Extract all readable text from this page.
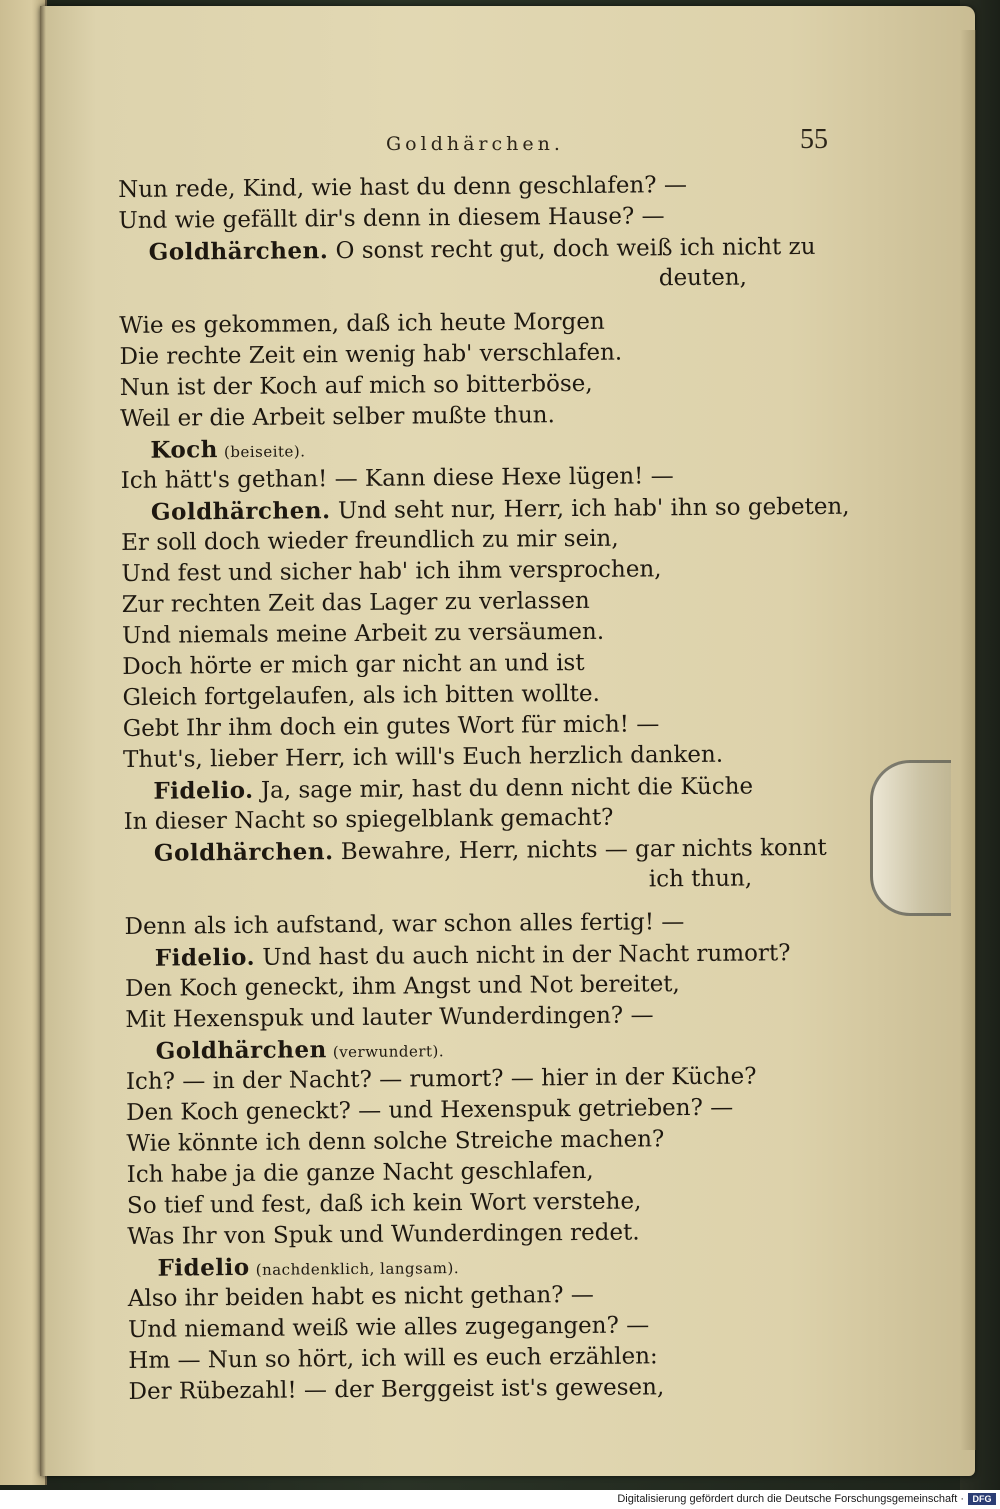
Goldhärchen.	55
Nun rede, Kind, wie hast du denn geschlafen? —
Und wie gefällt dir's denn in diesem Hause? —
Goldhärchen. O sonst recht gut, doch weiß ich nicht zu
deuten,
Wie es gekommen, daß ich heute Morgen
Die rechte Zeit ein wenig hab' verschlafen.
Nun ist der Koch auf mich so bitterböse,
Weil er die Arbeit selber mußte thun.
Koch (beiseite).
Ich hätt's gethan! — Kann diese Hexe lügen! —
Goldhärchen. Und seht nur, Herr, ich hab' ihn so gebeten,
Er soll doch wieder freundlich zu mir sein,
Und fest und sicher hab' ich ihm versprochen,
Zur rechten Zeit das Lager zu verlassen
Und niemals meine Arbeit zu versäumen.
Doch hörte er mich gar nicht an und ist
Gleich fortgelaufen, als ich bitten wollte.
Gebt Ihr ihm doch ein gutes Wort für mich! —
Thut's, lieber Herr, ich will's Euch herzlich danken.
Fidelio. Ja, sage mir, hast du denn nicht die Küche
In dieser Nacht so spiegelblank gemacht?
Goldhärchen. Bewahre, Herr, nichts — gar nichts konnt
ich thun,
Denn als ich aufstand, war schon alles fertig! —
Fidelio. Und hast du auch nicht in der Nacht rumort?
Den Koch geneckt, ihm Angst und Not bereitet,
Mit Hexenspuk und lauter Wunderdingen? —
Goldhärchen (verwundert).
Ich? — in der Nacht? — rumort? — hier in der Küche?
Den Koch geneckt? — und Hexenspuk getrieben? —
Wie könnte ich denn solche Streiche machen?
Ich habe ja die ganze Nacht geschlafen,
So tief und fest, daß ich kein Wort verstehe,
Was Ihr von Spuk und Wunderdingen redet.
Fidelio (nachdenklich, langsam).
Also ihr beiden habt es nicht gethan? —
Und niemand weiß wie alles zugegangen? —
Hm — Nun so hört, ich will es euch erzählen:
Der Rübezahl! — der Berggeist ist's gewesen,
Digitalisierung gefördert durch die Deutsche Forschungsgemeinschaft · DFG
